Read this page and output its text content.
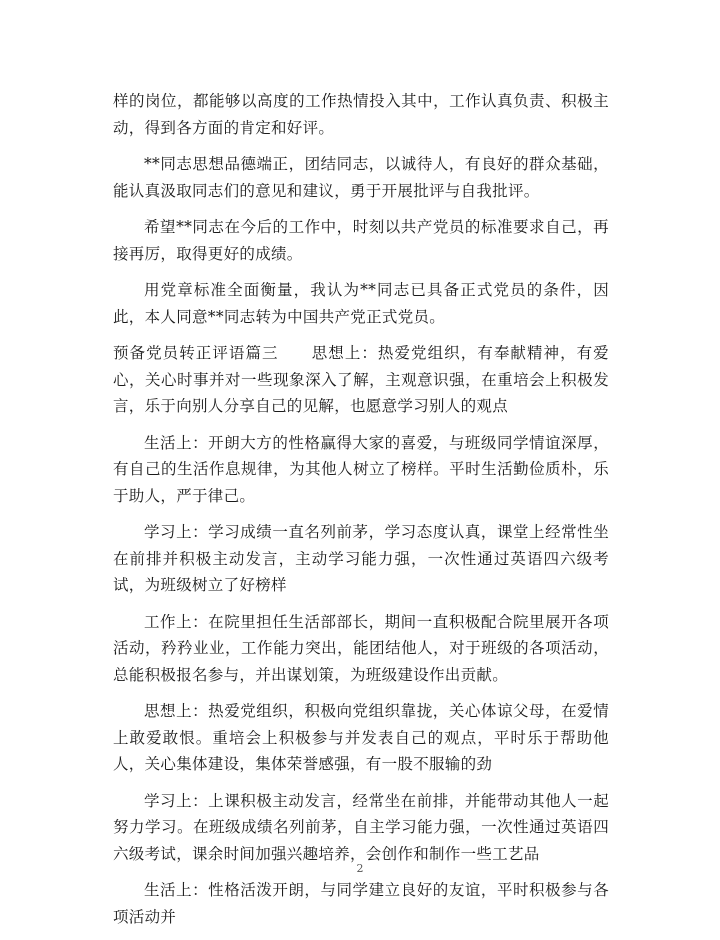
样的岗位，都能够以高度的工作热情投入其中，工作认真负责、积极主动，得到各方面的肯定和好评。

**同志思想品德端正，团结同志，以诚待人，有良好的群众基础，能认真汲取同志们的意见和建议，勇于开展批评与自我批评。

希望**同志在今后的工作中，时刻以共产党员的标准要求自己，再接再厉，取得更好的成绩。

用党章标准全面衡量，我认为**同志已具备正式党员的条件，因此，本人同意**同志转为中国共产党正式党员。

预备党员转正评语篇三　　思想上：热爱党组织，有奉献精神，有爱心，关心时事并对一些现象深入了解，主观意识强，在重培会上积极发言，乐于向别人分享自己的见解，也愿意学习别人的观点

生活上：开朗大方的性格赢得大家的喜爱，与班级同学情谊深厚，有自己的生活作息规律，为其他人树立了榜样。平时生活勤俭质朴，乐于助人，严于律己。

学习上：学习成绩一直名列前茅，学习态度认真，课堂上经常性坐在前排并积极主动发言，主动学习能力强，一次性通过英语四六级考试，为班级树立了好榜样

工作上：在院里担任生活部部长，期间一直积极配合院里展开各项活动，矜矜业业，工作能力突出，能团结他人，对于班级的各项活动，总能积极报名参与，并出谋划策，为班级建设作出贡献。

思想上：热爱党组织，积极向党组织靠拢，关心体谅父母，在爱情上敢爱敢恨。重培会上积极参与并发表自己的观点，平时乐于帮助他人，关心集体建设，集体荣誉感强，有一股不服输的劲

学习上：上课积极主动发言，经常坐在前排，并能带动其他人一起努力学习。在班级成绩名列前茅，自主学习能力强，一次性通过英语四六级考试，课余时间加强兴趣培养，会创作和制作一些工艺品

生活上：性格活泼开朗，与同学建立良好的友谊，平时积极参与各项活动并

2
